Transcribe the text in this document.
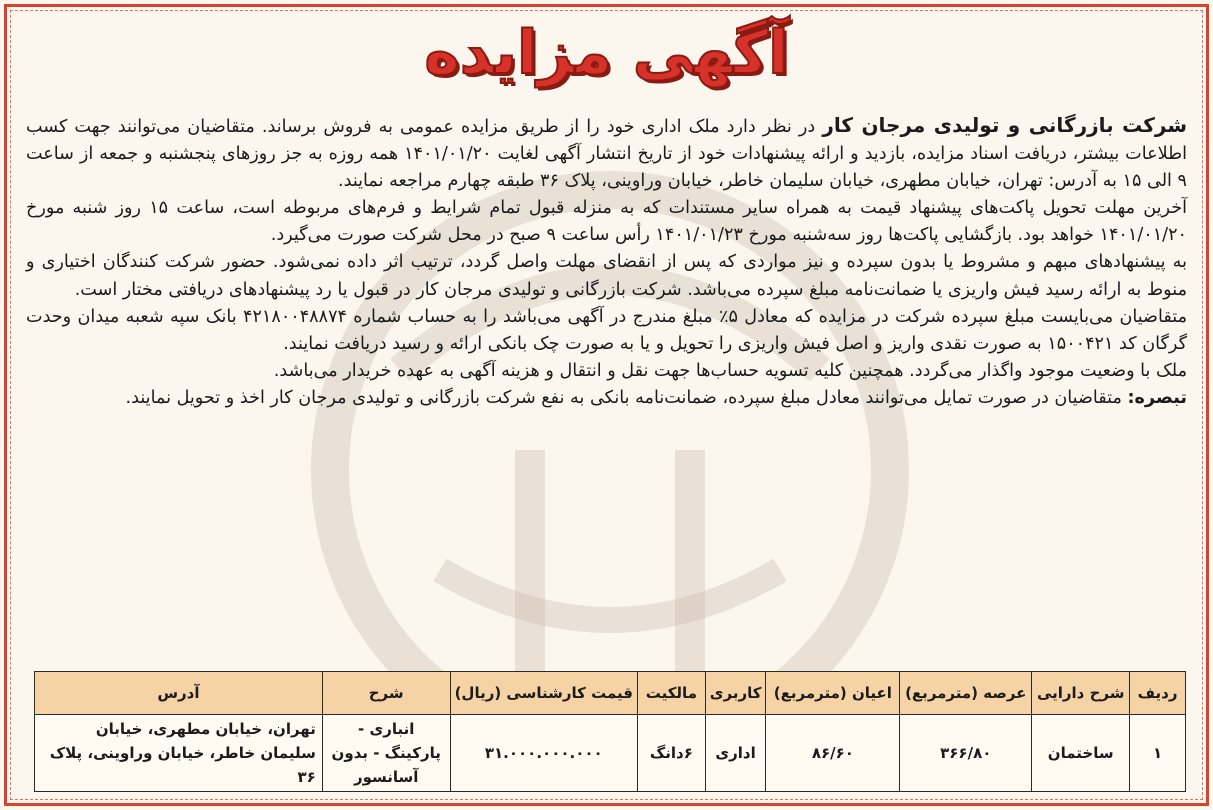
آگهی مزایده

شرکت بازرگانی و تولیدی مرجان کار در نظر دارد ملک اداری خود را از طریق مزایده عمومی به فروش برساند. متقاضیان می‌توانند جهت کسب اطلاعات بیشتر، دریافت اسناد مزایده، بازدید و ارائه پیشنهادات خود از تاریخ انتشار آگهی لغایت ۱۴۰۱/۰۱/۲۰ همه روزه به جز روزهای پنجشنبه و جمعه از ساعت ۹ الی ۱۵ به آدرس: تهران، خیابان مطهری، خیابان سلیمان خاطر، خیابان وراوینی، پلاک ۳۶ طبقه چهارم مراجعه نمایند.

آخرین مهلت تحویل پاکت‌های پیشنهاد قیمت به همراه سایر مستندات که به منزله قبول تمام شرایط و فرم‌های مربوطه است، ساعت ۱۵ روز شنبه مورخ ۱۴۰۱/۰۱/۲۰ خواهد بود. بازگشایی پاکت‌ها روز سه‌شنبه مورخ ۱۴۰۱/۰۱/۲۳ رأس ساعت ۹ صبح در محل شرکت صورت می‌گیرد.

به پیشنهادهای مبهم و مشروط یا بدون سپرده و نیز مواردی که پس از انقضای مهلت واصل گردد، ترتیب اثر داده نمی‌شود. حضور شرکت کنندگان اختیاری و منوط به ارائه رسید فیش واریزی یا ضمانت‌نامه مبلغ سپرده می‌باشد. شرکت بازرگانی و تولیدی مرجان کار در قبول یا رد پیشنهادهای دریافتی مختار است.

متقاضیان می‌بایست مبلغ سپرده شرکت در مزایده که معادل ۵٪ مبلغ مندرج در آگهی می‌باشد را به حساب شماره ۴۲۱۸۰۰۴۸۸۷۴ بانک سپه شعبه میدان وحدت گرگان کد ۱۵۰۰۴۲۱ به صورت نقدی واریز و اصل فیش واریزی را تحویل و یا به صورت چک بانکی ارائه و رسید دریافت نمایند.

ملک با وضعیت موجود واگذار می‌گردد. همچنین کلیه تسویه حساب‌ها جهت نقل و انتقال و هزینه آگهی به عهده خریدار می‌باشد.

تبصره: متقاضیان در صورت تمایل می‌توانند معادل مبلغ سپرده، ضمانت‌نامه بانکی به نفع شرکت بازرگانی و تولیدی مرجان کار اخذ و تحویل نمایند.

ردیف	شرح دارایی	عرصه (مترمربع)	اعیان (مترمربع)	کاربری	مالکیت	قیمت کارشناسی (ریال)	شرح	آدرس
۱	ساختمان	۳۶۶/۸۰	۸۶/۶۰	اداری	۶دانگ	۳۱.۰۰۰.۰۰۰.۰۰۰	انباری - پارکینگ - بدون آسانسور	تهران، خیابان مطهری، خیابان سلیمان خاطر، خیابان وراوینی، پلاک ۳۶
